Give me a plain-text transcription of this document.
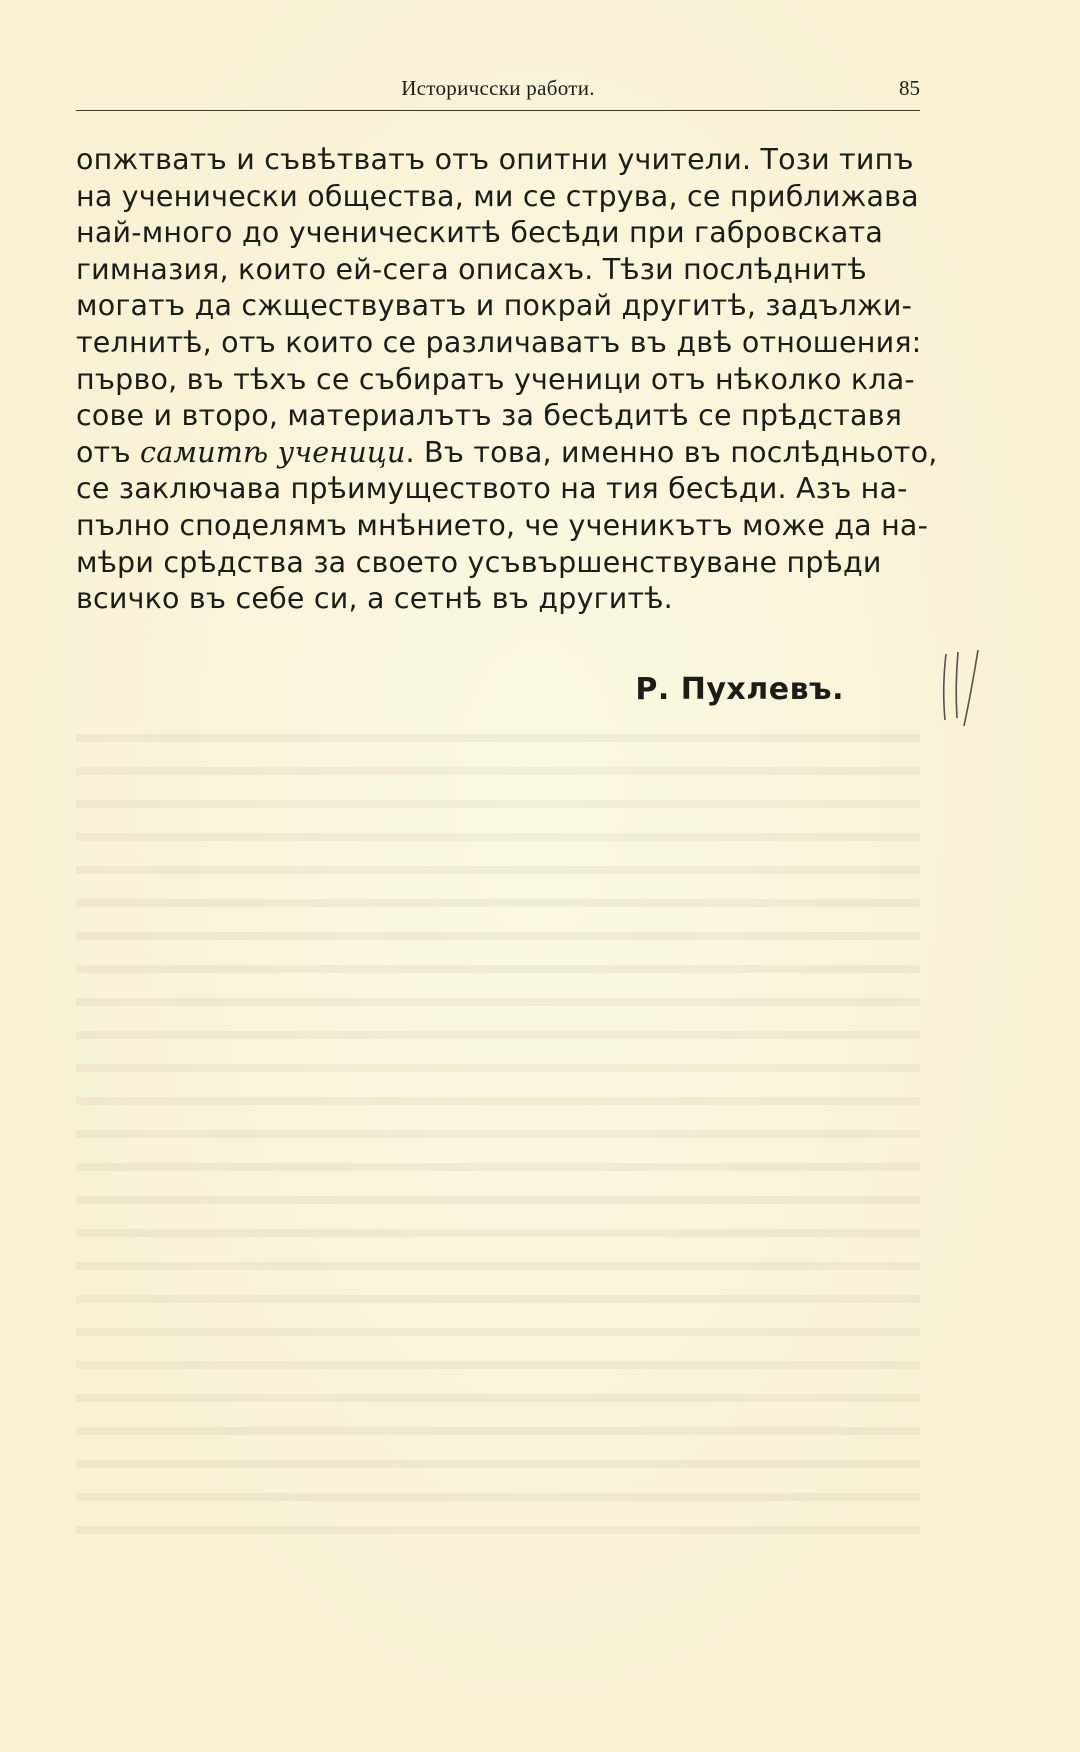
Историчсски работи.	85
опжтватъ и съвѣтватъ отъ опитни учители. Този типъ
на ученически общества, ми се струва, се приближава
най-много до ученическитѣ бесѣди при габровската
гимназия, които ей-сега описахъ. Тѣзи послѣднитѣ
могатъ да сжществуватъ и покрай другитѣ, задължи-
телнитѣ, отъ които се различаватъ въ двѣ отношения:
първо, въ тѣхъ се събиратъ ученици отъ нѣколко кла-
сове и второ, материалътъ за бесѣдитѣ се прѣдставя
отъ самитѣ ученици. Въ това, именно въ послѣдньото,
се заключава прѣимуществото на тия бесѣди. Азъ на-
пълно споделямъ мнѣнието, че ученикътъ може да на-
мѣри срѣдства за своето усъвършенствуване прѣди
всичко въ себе си, а сетнѣ въ другитѣ.
Р. Пухлевъ.
